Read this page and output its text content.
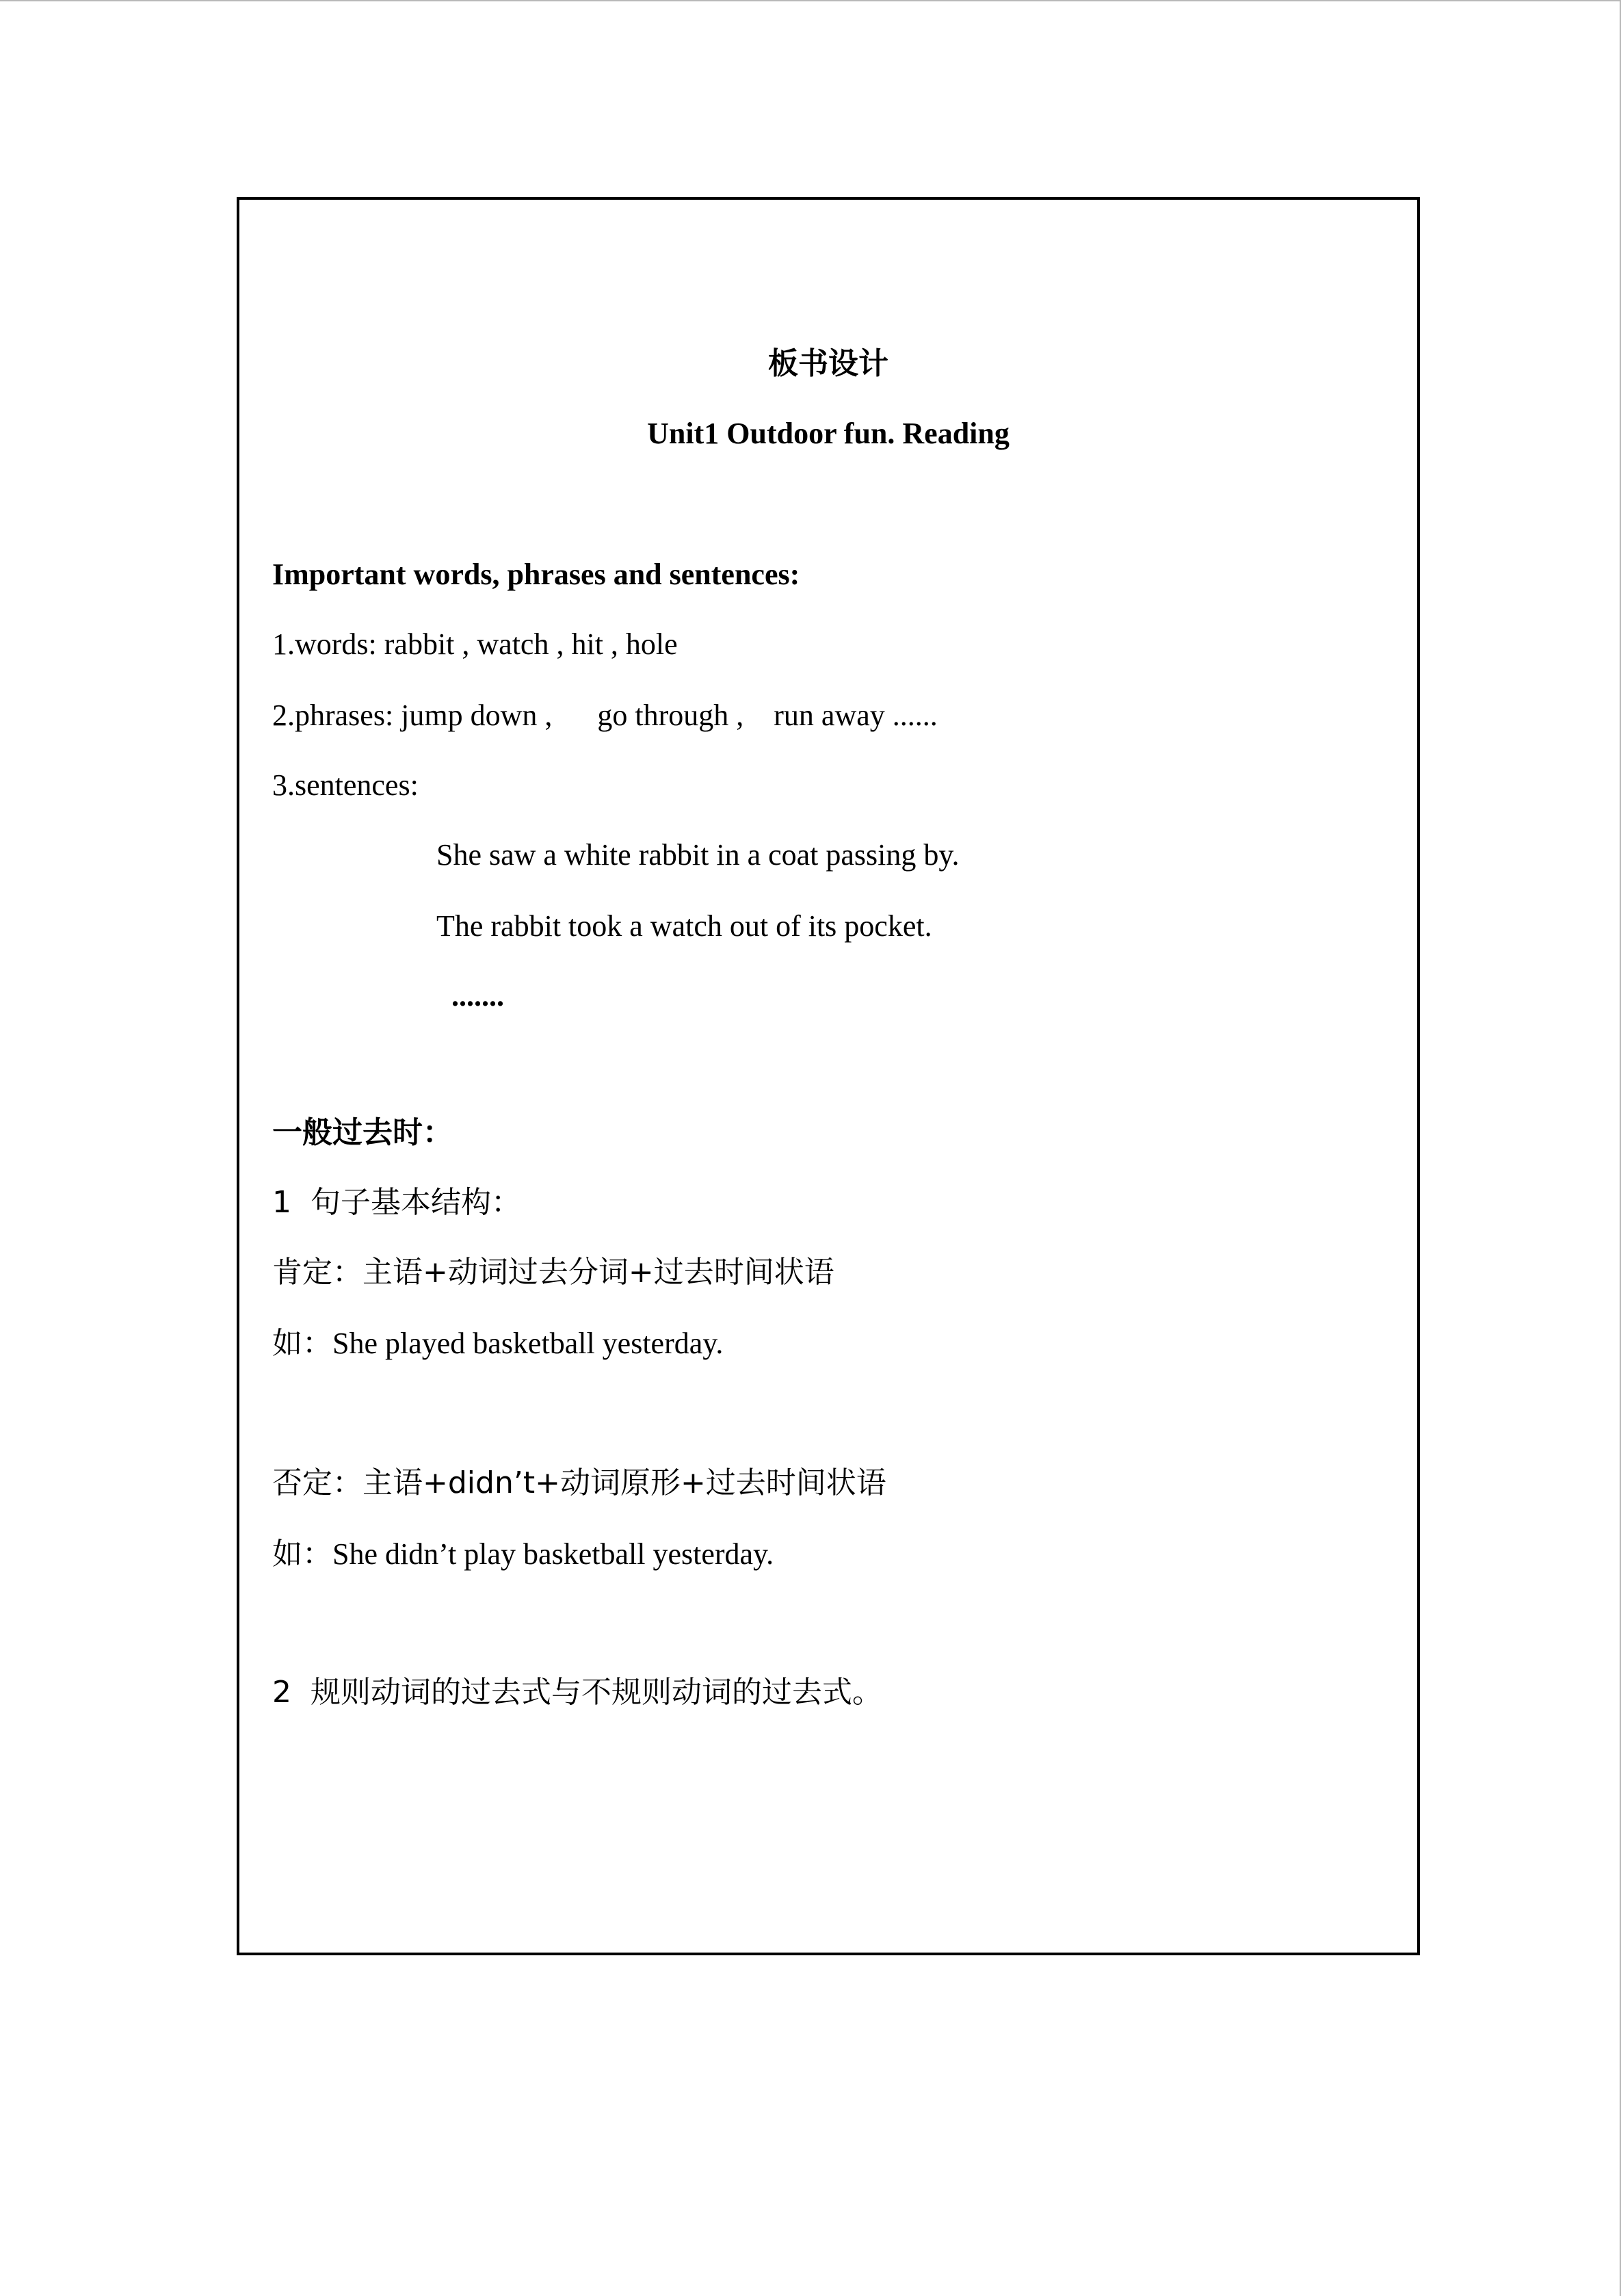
板书设计
Unit1 Outdoor fun. Reading
Important words, phrases and sentences:
1.words: rabbit , watch , hit , hole
2.phrases: jump down ,      go through ,    run away ......
3.sentences:
She saw a white rabbit in a coat passing by.
The rabbit took a watch out of its pocket.
.......
一般过去时：
1  句子基本结构：
肯定：主语+动词过去分词+过去时间状语
如：She played basketball yesterday.
否定：主语+didn’t+动词原形+过去时间状语
如：She didn’t play basketball yesterday.
2  规则动词的过去式与不规则动词的过去式。
